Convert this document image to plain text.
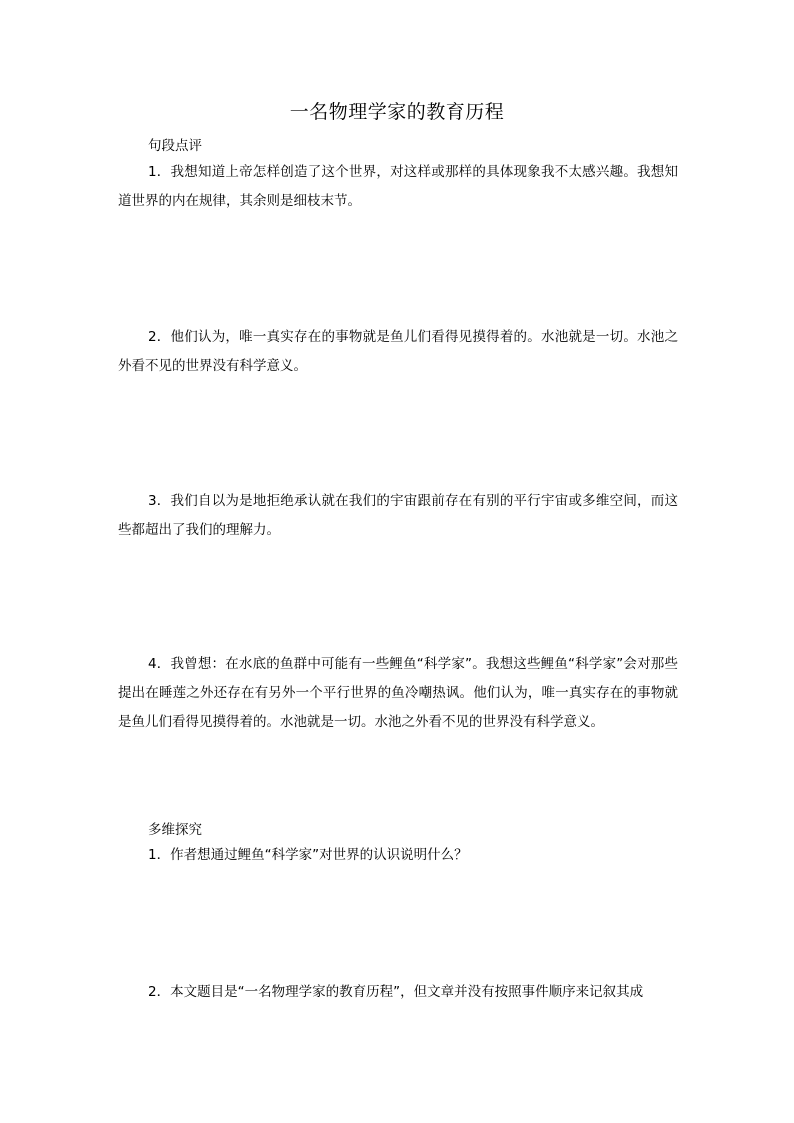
一名物理学家的教育历程
句段点评
1．我想知道上帝怎样创造了这个世界，对这样或那样的具体现象我不太感兴趣。我想知道世界的内在规律，其余则是细枝末节。
2．他们认为，唯一真实存在的事物就是鱼儿们看得见摸得着的。水池就是一切。水池之外看不见的世界没有科学意义。
3．我们自以为是地拒绝承认就在我们的宇宙跟前存在有别的平行宇宙或多维空间，而这些都超出了我们的理解力。
4．我曾想：在水底的鱼群中可能有一些鲤鱼“科学家”。我想这些鲤鱼“科学家”会对那些提出在睡莲之外还存在有另外一个平行世界的鱼冷嘲热讽。他们认为，唯一真实存在的事物就是鱼儿们看得见摸得着的。水池就是一切。水池之外看不见的世界没有科学意义。
多维探究
1．作者想通过鲤鱼“科学家”对世界的认识说明什么？
2．本文题目是“一名物理学家的教育历程”，但文章并没有按照事件顺序来记叙其成
